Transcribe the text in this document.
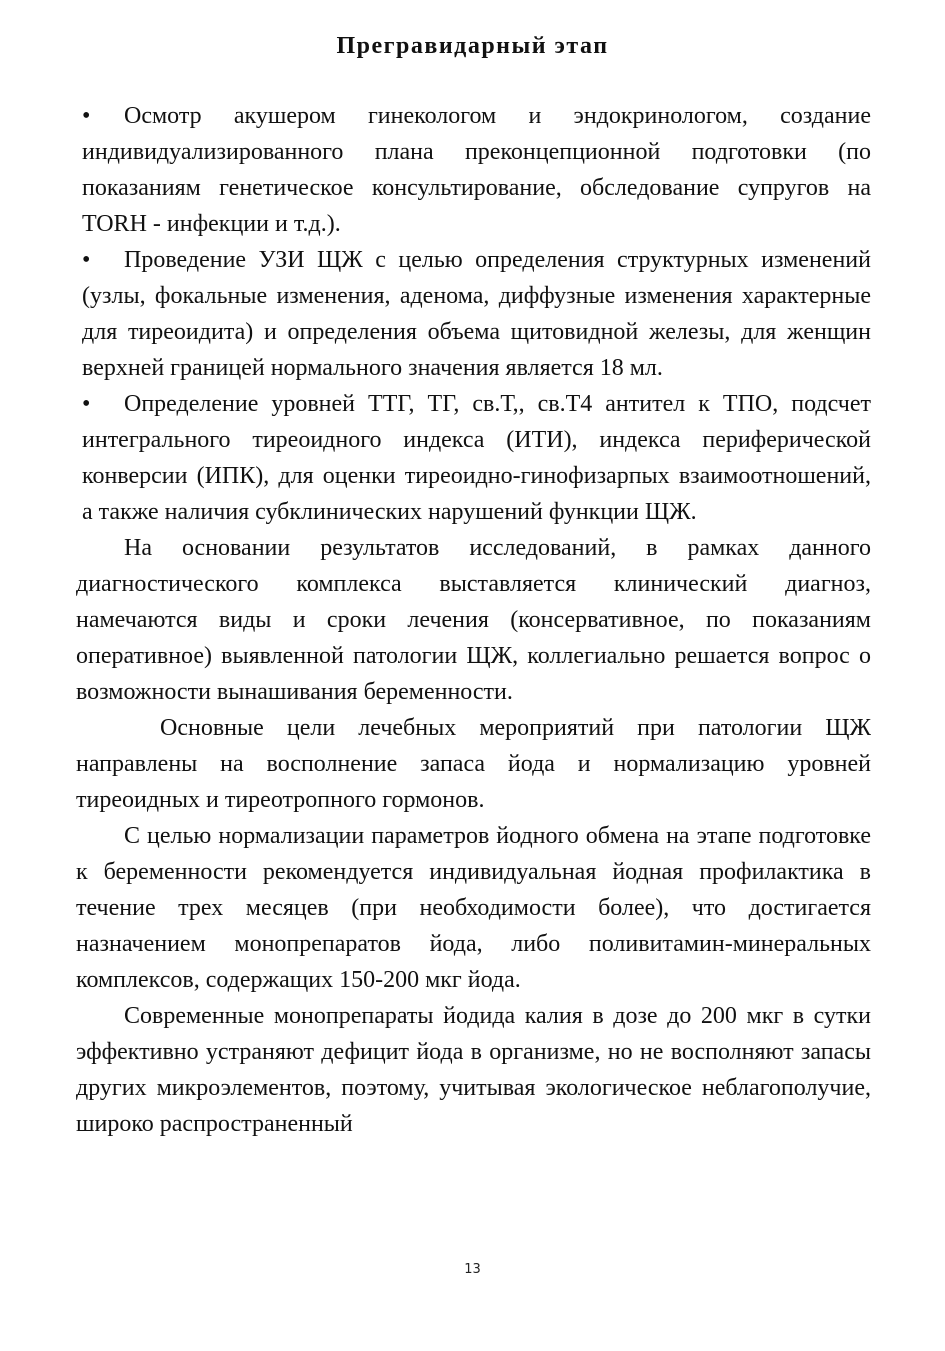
Прегравидарный этап

• Осмотр акушером гинекологом и эндокринологом, создание индивидуализированного плана преконцепционной подготовки (по показаниям генетическое консультирование, обследование супругов на TORH - инфекции и т.д.).

• Проведение УЗИ ЩЖ с целью определения структурных изменений (узлы, фокальные изменения, аденома, диффузные изменения характерные для тиреоидита) и определения объема щитовидной железы, для женщин верхней границей нормального значения является 18 мл.

• Определение уровней ТТГ, ТГ, св.Т,, св.Т4 антител к ТПО, подсчет интегрального тиреоидного индекса (ИТИ), индекса периферической конверсии (ИПК), для оценки тиреоидно-гинофизарпых взаимоотношений, а также наличия субклинических нарушений функции ЩЖ.

На основании результатов исследований, в рамках данного диагностического комплекса выставляется клинический диагноз, намечаются виды и сроки лечения (консервативное, по показаниям оперативное) выявленной патологии ЩЖ, коллегиально решается вопрос о возможности вынашивания беременности.

Основные цели лечебных мероприятий при патологии ЩЖ направлены на восполнение запаса йода и нормализацию уровней тиреоидных и тиреотропного гормонов.

С целью нормализации параметров йодного обмена на этапе подготовке к беременности рекомендуется индивидуальная йодная профилактика в течение трех месяцев (при необходимости более), что достигается назначением монопрепаратов йода, либо поливитамин-минеральных комплексов, содержащих 150-200 мкг йода.

Современные монопрепараты йодида калия в дозе до 200 мкг в сутки эффективно устраняют дефицит йода в организме, но не восполняют запасы других микроэлементов, поэтому, учитывая экологическое неблагополучие, широко распространенный

13
